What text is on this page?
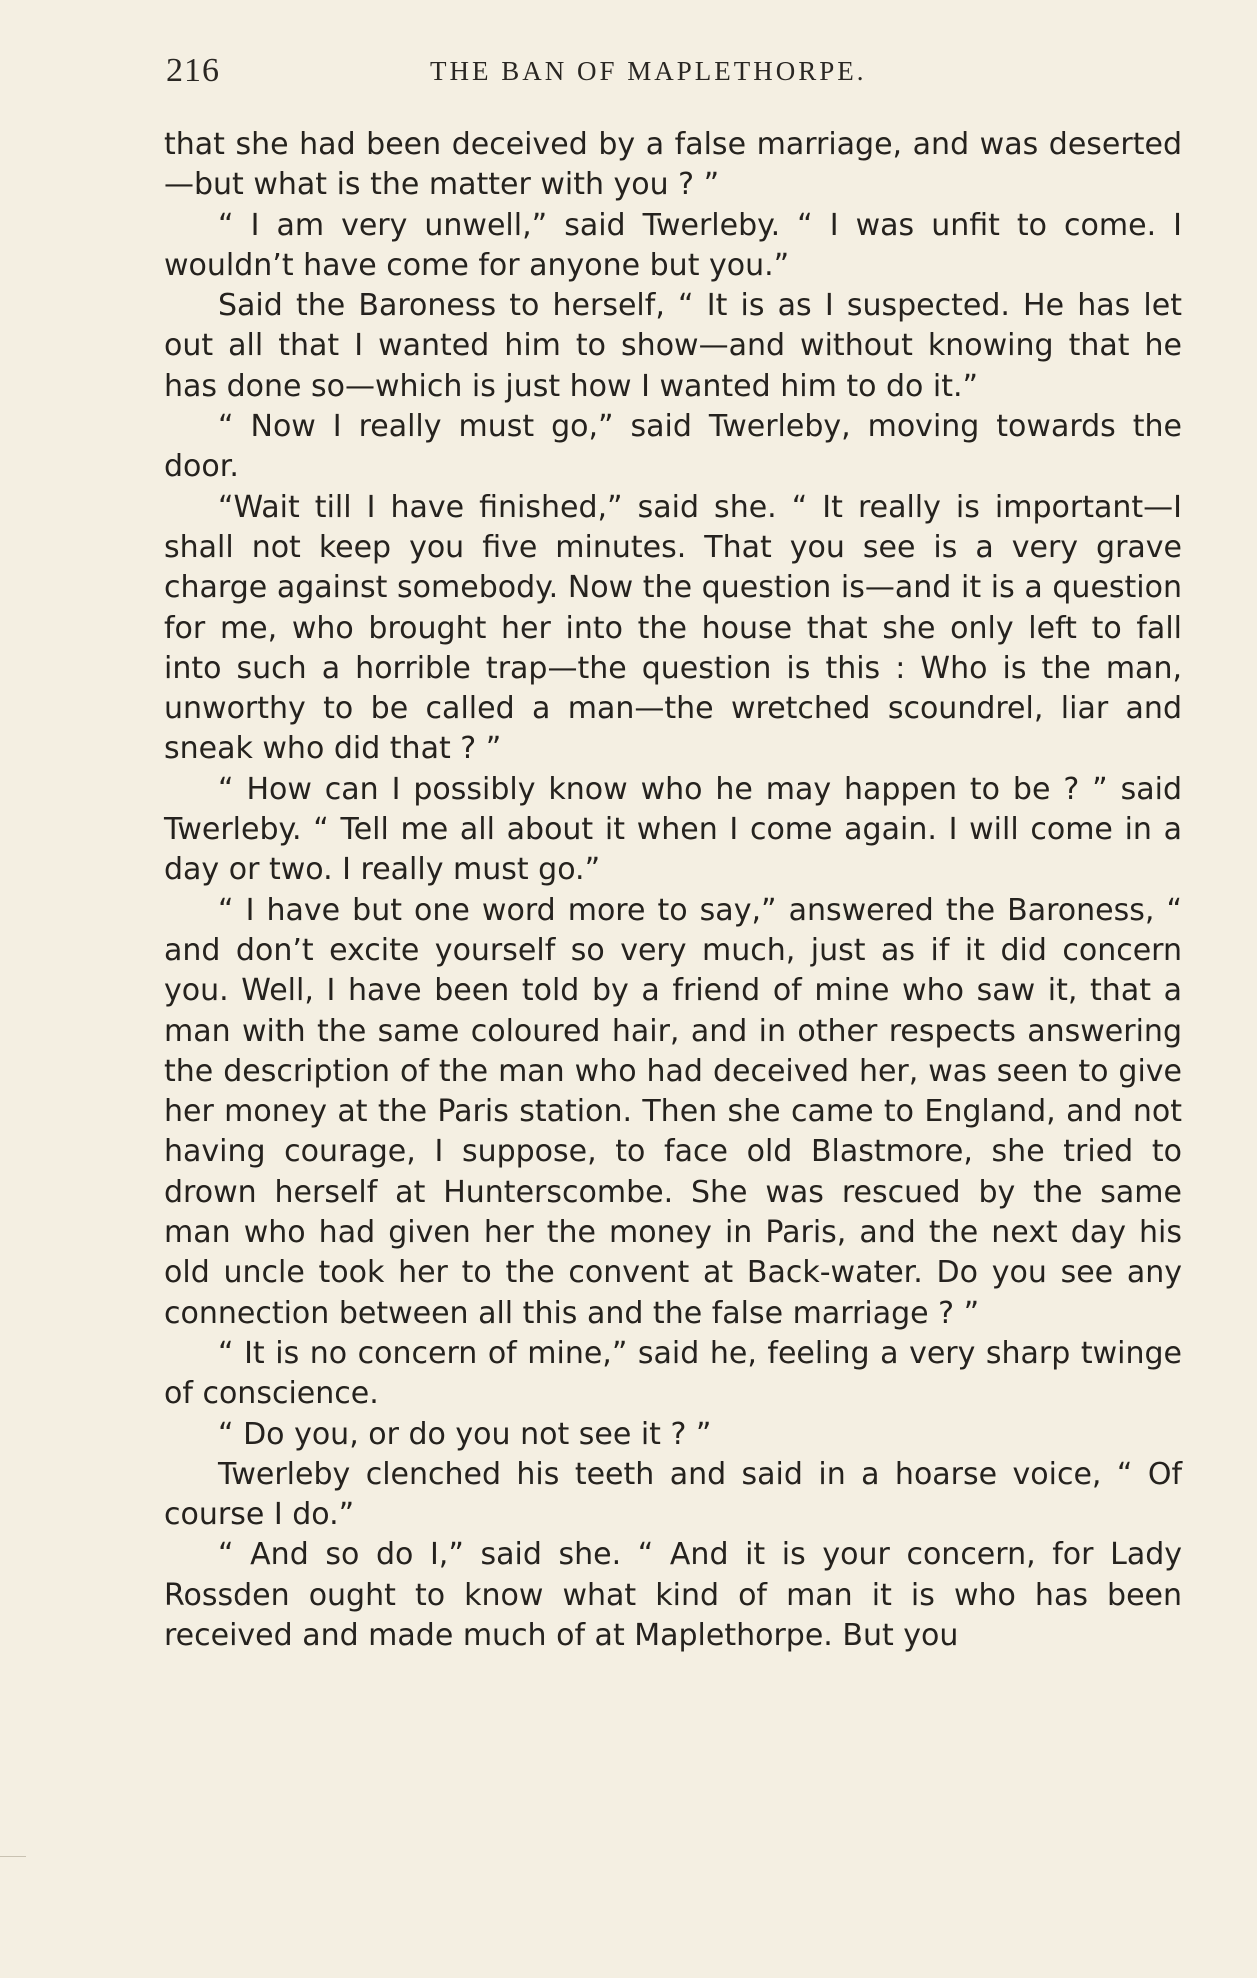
216	THE BAN OF MAPLETHORPE.

that she had been deceived by a false marriage, and was deserted—but what is the matter with you ? ”

“ I am very unwell,” said Twerleby. “ I was unfit to come. I wouldn’t have come for anyone but you.”

Said the Baroness to herself, “ It is as I suspected. He has let out all that I wanted him to show—and without knowing that he has done so—which is just how I wanted him to do it.”

“ Now I really must go,” said Twerleby, moving towards the door.

“Wait till I have finished,” said she. “ It really is important—I shall not keep you five minutes. That you see is a very grave charge against somebody. Now the question is—and it is a question for me, who brought her into the house that she only left to fall into such a horrible trap—the question is this : Who is the man, unworthy to be called a man—the wretched scoundrel, liar and sneak who did that ? ”

“ How can I possibly know who he may happen to be ? ” said Twerleby. “ Tell me all about it when I come again. I will come in a day or two. I really must go.”

“ I have but one word more to say,” answered the Baroness, “ and don’t excite yourself so very much, just as if it did concern you. Well, I have been told by a friend of mine who saw it, that a man with the same coloured hair, and in other respects answering the description of the man who had deceived her, was seen to give her money at the Paris station. Then she came to England, and not having courage, I suppose, to face old Blastmore, she tried to drown herself at Hunterscombe. She was rescued by the same man who had given her the money in Paris, and the next day his old uncle took her to the convent at Back-water. Do you see any connection between all this and the false marriage ? ”

“ It is no concern of mine,” said he, feeling a very sharp twinge of conscience.

“ Do you, or do you not see it ? ”

Twerleby clenched his teeth and said in a hoarse voice, “ Of course I do.”

“ And so do I,” said she. “ And it is your concern, for Lady Rossden ought to know what kind of man it is who has been received and made much of at Maplethorpe. But you
